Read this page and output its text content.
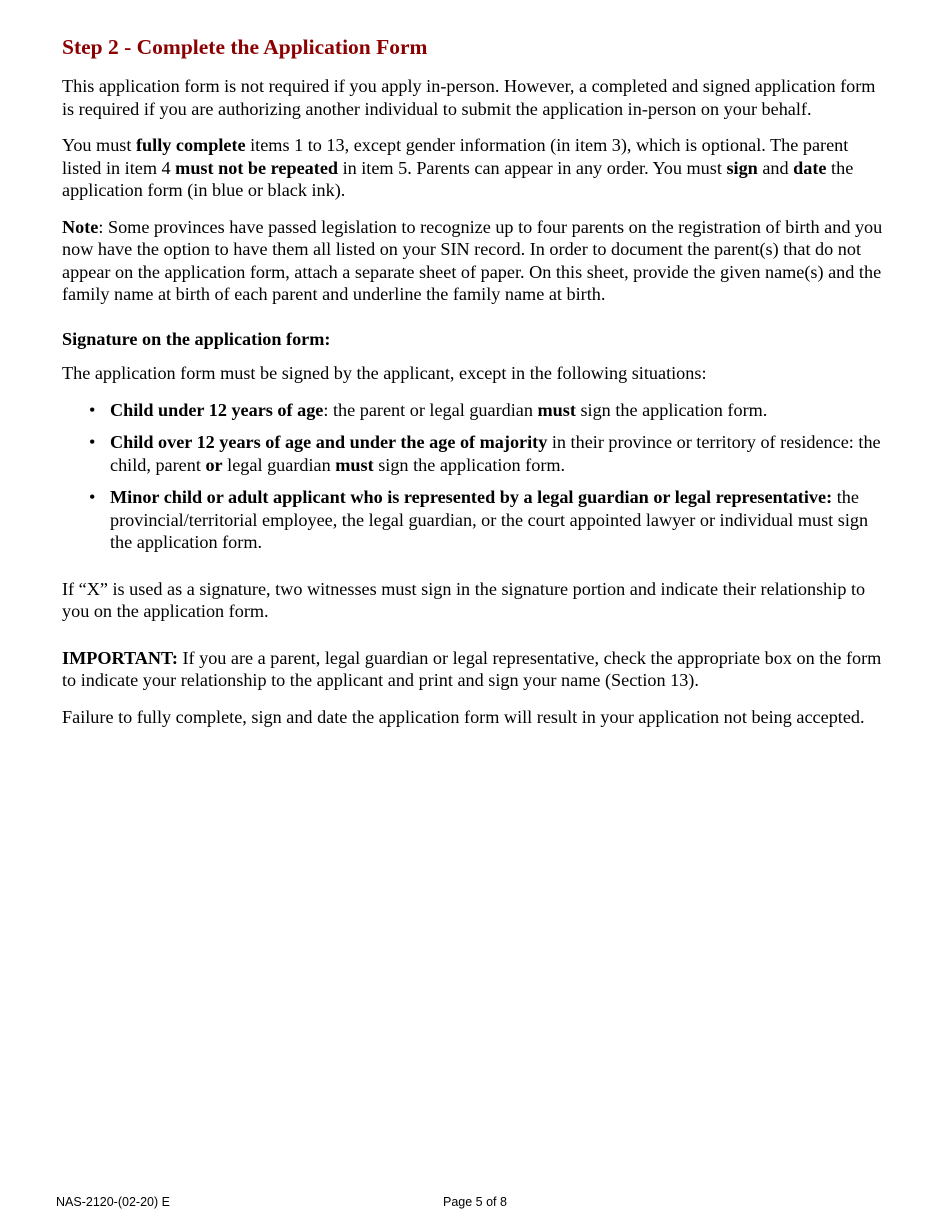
Step 2 - Complete the Application Form

This application form is not required if you apply in-person. However, a completed and signed application form is required if you are authorizing another individual to submit the application in-person on your behalf.

You must fully complete items 1 to 13, except gender information (in item 3), which is optional. The parent listed in item 4 must not be repeated in item 5. Parents can appear in any order. You must sign and date the application form (in blue or black ink).

Note: Some provinces have passed legislation to recognize up to four parents on the registration of birth and you now have the option to have them all listed on your SIN record. In order to document the parent(s) that do not appear on the application form, attach a separate sheet of paper. On this sheet, provide the given name(s) and the family name at birth of each parent and underline the family name at birth.

Signature on the application form:

The application form must be signed by the applicant, except in the following situations:

• Child under 12 years of age: the parent or legal guardian must sign the application form.
• Child over 12 years of age and under the age of majority in their province or territory of residence: the child, parent or legal guardian must sign the application form.
• Minor child or adult applicant who is represented by a legal guardian or legal representative: the provincial/territorial employee, the legal guardian, or the court appointed lawyer or individual must sign the application form.

If “X” is used as a signature, two witnesses must sign in the signature portion and indicate their relationship to you on the application form.

IMPORTANT: If you are a parent, legal guardian or legal representative, check the appropriate box on the form to indicate your relationship to the applicant and print and sign your name (Section 13).

Failure to fully complete, sign and date the application form will result in your application not being accepted.

NAS-2120-(02-20) E	Page 5 of 8
